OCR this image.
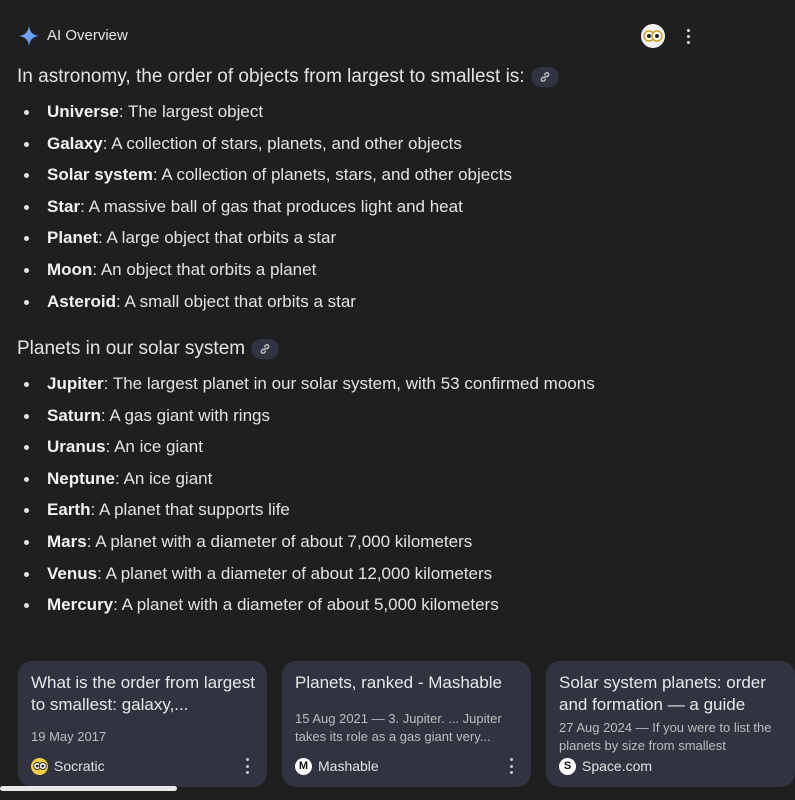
AI Overview
In astronomy, the order of objects from largest to smallest is:
Universe: The largest object
Galaxy: A collection of stars, planets, and other objects
Solar system: A collection of planets, stars, and other objects
Star: A massive ball of gas that produces light and heat
Planet: A large object that orbits a star
Moon: An object that orbits a planet
Asteroid: A small object that orbits a star
Planets in our solar system
Jupiter: The largest planet in our solar system, with 53 confirmed moons
Saturn: A gas giant with rings
Uranus: An ice giant
Neptune: An ice giant
Earth: A planet that supports life
Mars: A planet with a diameter of about 7,000 kilometers
Venus: A planet with a diameter of about 12,000 kilometers
Mercury: A planet with a diameter of about 5,000 kilometers
What is the order from largest to smallest: galaxy,...
19 May 2017
Socratic
Planets, ranked - Mashable
15 Aug 2021 — 3. Jupiter. ... Jupiter takes its role as a gas giant very...
M Mashable
Solar system planets: order and formation — a guide
27 Aug 2024 — If you were to list the planets by size from smallest
S Space.com
